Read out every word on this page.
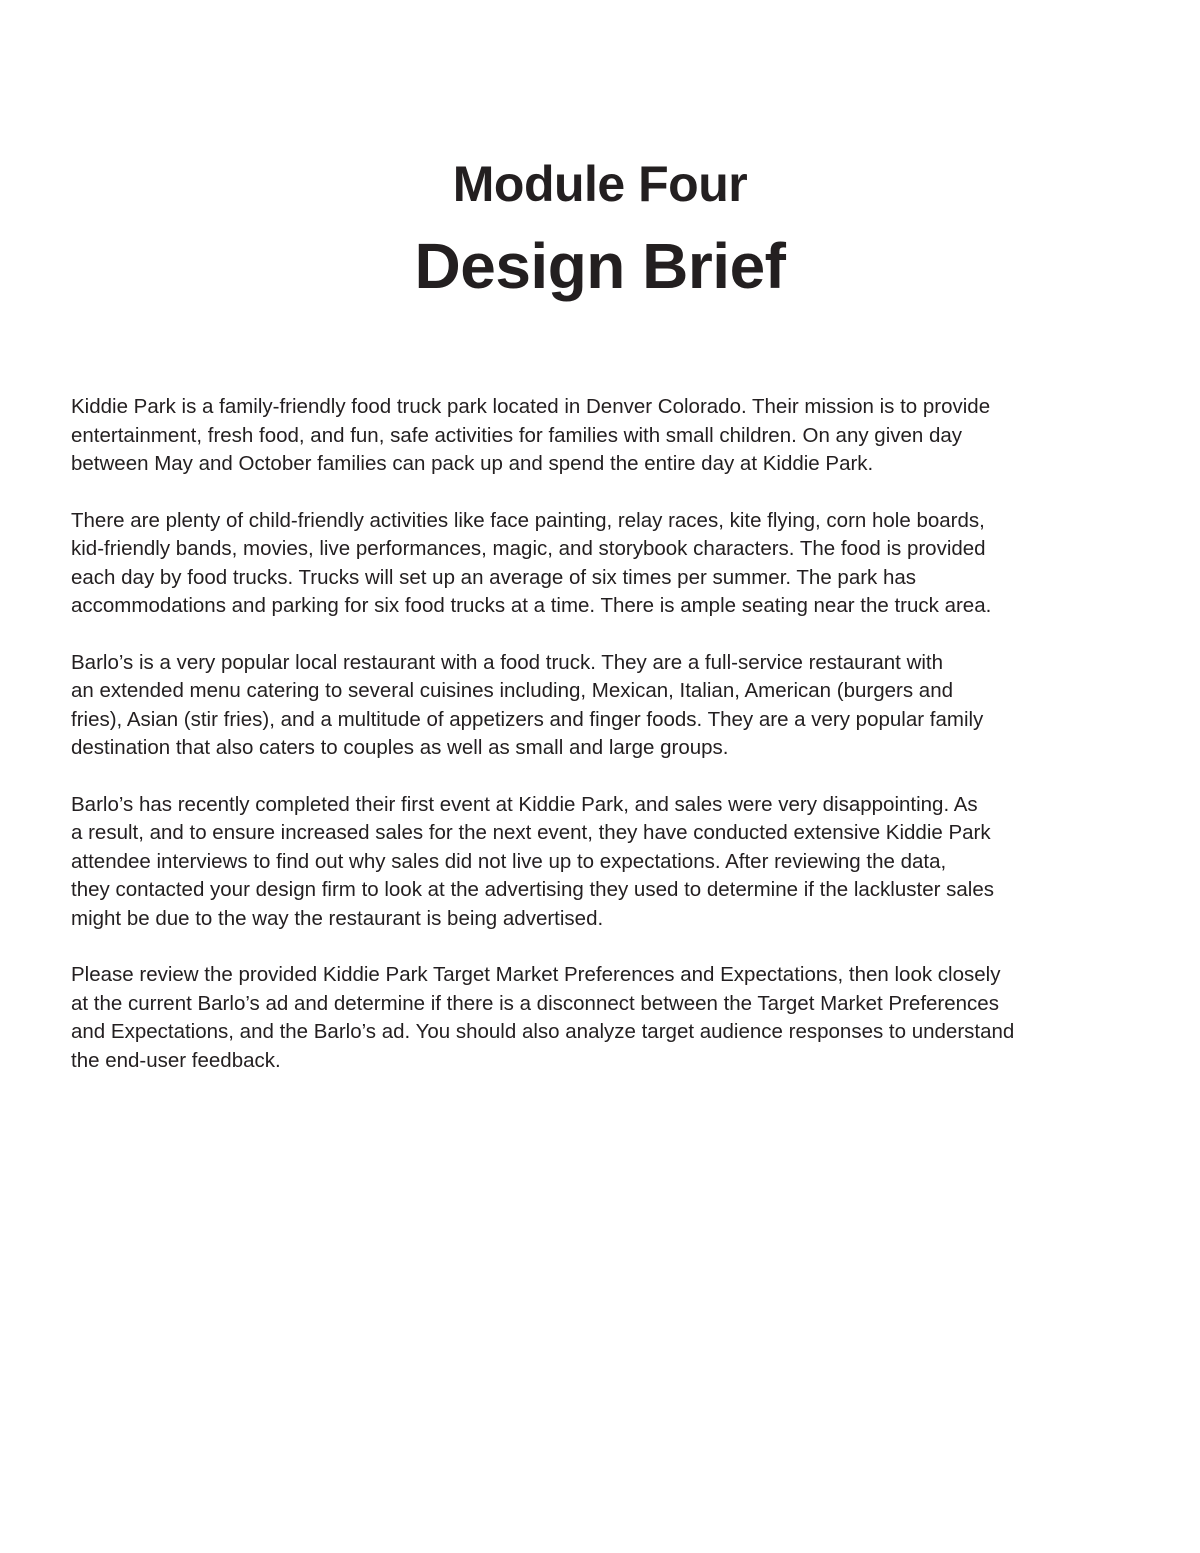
Module Four
Design Brief

Kiddie Park is a family-friendly food truck park located in Denver Colorado. Their mission is to provide
entertainment, fresh food, and fun, safe activities for families with small children. On any given day
between May and October families can pack up and spend the entire day at Kiddie Park.

There are plenty of child-friendly activities like face painting, relay races, kite flying, corn hole boards,
kid-friendly bands, movies, live performances, magic, and storybook characters. The food is provided
each day by food trucks. Trucks will set up an average of six times per summer. The park has
accommodations and parking for six food trucks at a time. There is ample seating near the truck area.

Barlo’s is a very popular local restaurant with a food truck. They are a full-service restaurant with
an extended menu catering to several cuisines including, Mexican, Italian, American (burgers and
fries), Asian (stir fries), and a multitude of appetizers and finger foods. They are a very popular family
destination that also caters to couples as well as small and large groups.

Barlo’s has recently completed their first event at Kiddie Park, and sales were very disappointing. As
a result, and to ensure increased sales for the next event, they have conducted extensive Kiddie Park
attendee interviews to find out why sales did not live up to expectations. After reviewing the data,
they contacted your design firm to look at the advertising they used to determine if the lackluster sales
might be due to the way the restaurant is being advertised.

Please review the provided Kiddie Park Target Market Preferences and Expectations, then look closely
at the current Barlo’s ad and determine if there is a disconnect between the Target Market Preferences
and Expectations, and the Barlo’s ad. You should also analyze target audience responses to understand
the end-user feedback.
